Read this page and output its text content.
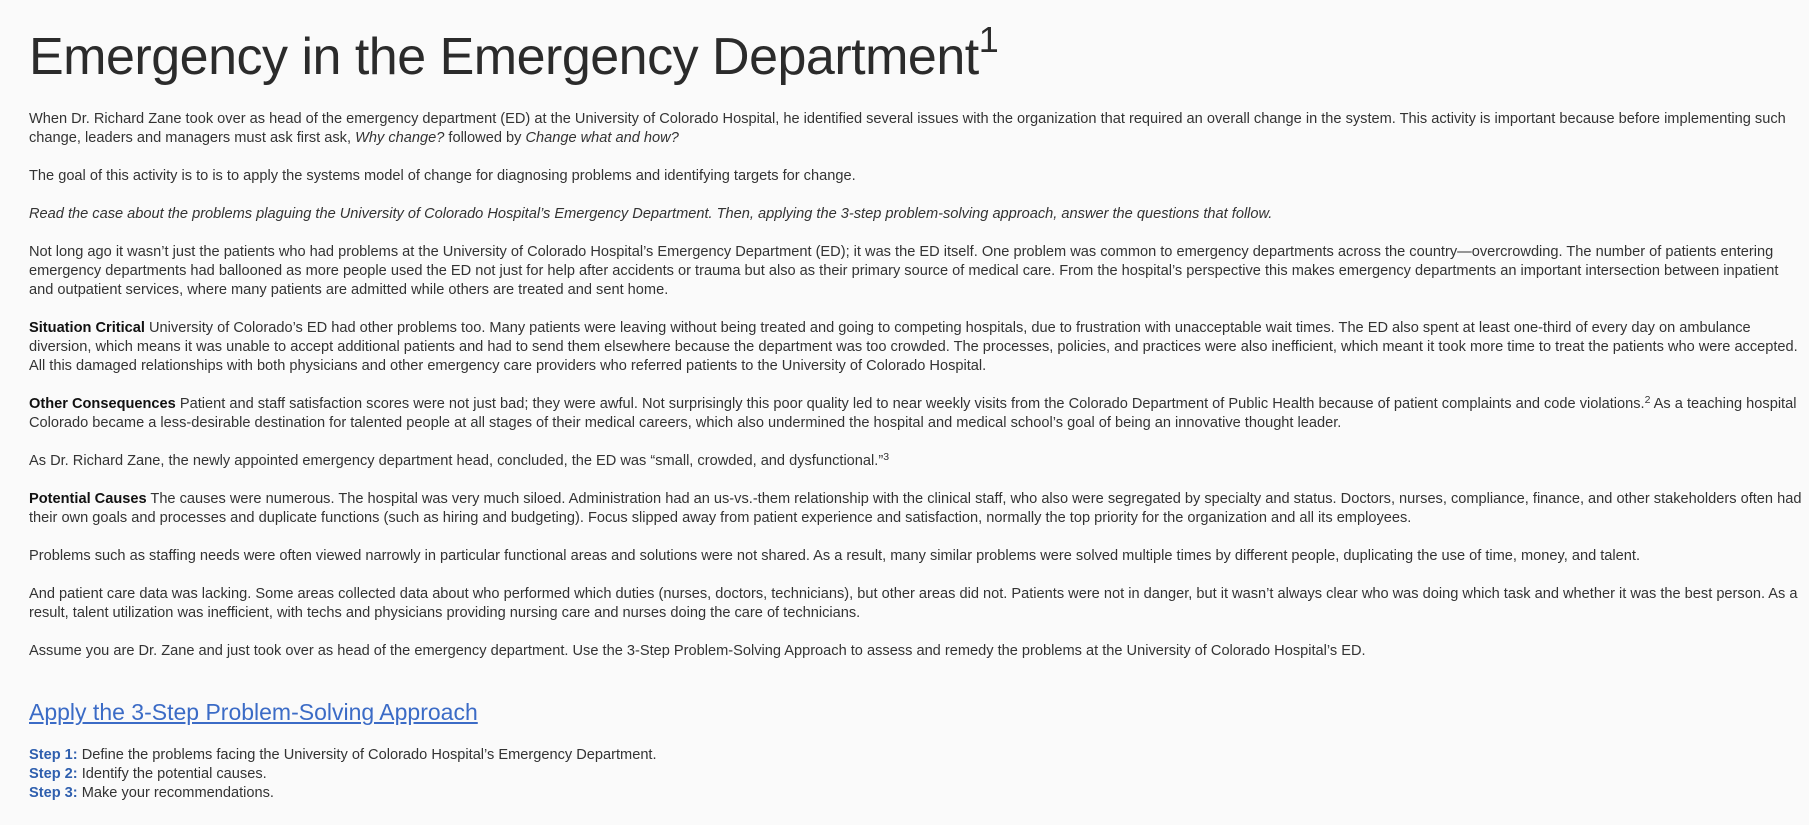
Emergency in the Emergency Department$^1$

When Dr. Richard Zane took over as head of the emergency department (ED) at the University of Colorado Hospital, he identified several issues with the organization that required an overall change in the system. This activity is important because before implementing such change, leaders and managers must ask first ask, Why change? followed by Change what and how?

The goal of this activity is to is to apply the systems model of change for diagnosing problems and identifying targets for change.

Read the case about the problems plaguing the University of Colorado Hospital’s Emergency Department. Then, applying the 3-step problem-solving approach, answer the questions that follow.

Not long ago it wasn’t just the patients who had problems at the University of Colorado Hospital’s Emergency Department (ED); it was the ED itself. One problem was common to emergency departments across the country—overcrowding. The number of patients entering emergency departments had ballooned as more people used the ED not just for help after accidents or trauma but also as their primary source of medical care. From the hospital’s perspective this makes emergency departments an important intersection between inpatient and outpatient services, where many patients are admitted while others are treated and sent home.

Situation Critical University of Colorado’s ED had other problems too. Many patients were leaving without being treated and going to competing hospitals, due to frustration with unacceptable wait times. The ED also spent at least one-third of every day on ambulance diversion, which means it was unable to accept additional patients and had to send them elsewhere because the department was too crowded. The processes, policies, and practices were also inefficient, which meant it took more time to treat the patients who were accepted. All this damaged relationships with both physicians and other emergency care providers who referred patients to the University of Colorado Hospital.

Other Consequences Patient and staff satisfaction scores were not just bad; they were awful. Not surprisingly this poor quality led to near weekly visits from the Colorado Department of Public Health because of patient complaints and code violations.$^2$ As a teaching hospital Colorado became a less-desirable destination for talented people at all stages of their medical careers, which also undermined the hospital and medical school’s goal of being an innovative thought leader.

As Dr. Richard Zane, the newly appointed emergency department head, concluded, the ED was “small, crowded, and dysfunctional.”$^3$

Potential Causes The causes were numerous. The hospital was very much siloed. Administration had an us-vs.-them relationship with the clinical staff, who also were segregated by specialty and status. Doctors, nurses, compliance, finance, and other stakeholders often had their own goals and processes and duplicate functions (such as hiring and budgeting). Focus slipped away from patient experience and satisfaction, normally the top priority for the organization and all its employees.

Problems such as staffing needs were often viewed narrowly in particular functional areas and solutions were not shared. As a result, many similar problems were solved multiple times by different people, duplicating the use of time, money, and talent.

And patient care data was lacking. Some areas collected data about who performed which duties (nurses, doctors, technicians), but other areas did not. Patients were not in danger, but it wasn’t always clear who was doing which task and whether it was the best person. As a result, talent utilization was inefficient, with techs and physicians providing nursing care and nurses doing the care of technicians.

Assume you are Dr. Zane and just took over as head of the emergency department. Use the 3-Step Problem-Solving Approach to assess and remedy the problems at the University of Colorado Hospital’s ED.

Apply the 3-Step Problem-Solving Approach

Step 1: Define the problems facing the University of Colorado Hospital’s Emergency Department.

Step 2: Identify the potential causes.

Step 3: Make your recommendations.
